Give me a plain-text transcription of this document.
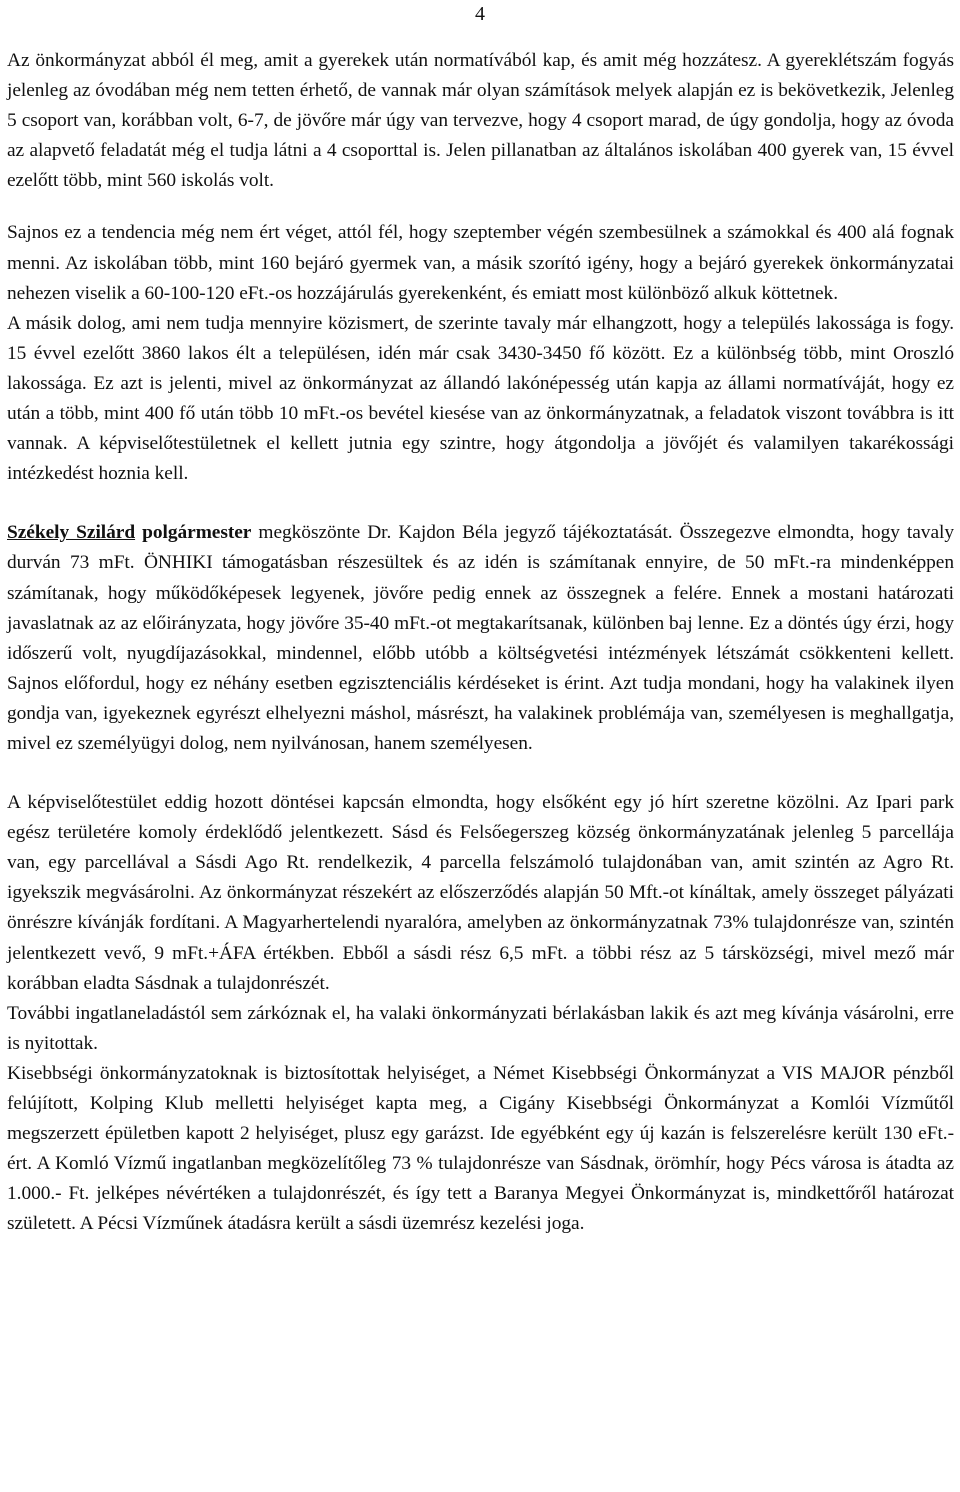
4

Az önkormányzat abból él meg, amit a gyerekek után normatívából kap, és amit még hozzátesz. A gyereklétszám fogyás jelenleg az óvodában még nem tetten érhető, de vannak már olyan számítások melyek alapján ez is bekövetkezik, Jelenleg 5 csoport van, korábban volt, 6-7, de jövőre már úgy van tervezve, hogy 4 csoport marad, de úgy gondolja, hogy az óvoda az alapvető feladatát még el tudja látni a 4 csoporttal is. Jelen pillanatban az általános iskolában 400 gyerek van, 15 évvel ezelőtt több, mint 560 iskolás volt.

Sajnos ez a tendencia még nem ért véget, attól fél, hogy szeptember végén szembesülnek a számokkal és 400 alá fognak menni. Az iskolában több, mint 160 bejáró gyermek van, a másik szorító igény, hogy a bejáró gyerekek önkormányzatai nehezen viselik a 60-100-120 eFt.-os hozzájárulás gyerekenként, és emiatt most különböző alkuk köttetnek.

A másik dolog, ami nem tudja mennyire közismert, de szerinte tavaly már elhangzott, hogy a település lakossága is fogy. 15 évvel ezelőtt 3860 lakos élt a településen, idén már csak 3430-3450 fő között. Ez a különbség több, mint Oroszló lakossága. Ez azt is jelenti, mivel az önkormányzat az állandó lakónépesség után kapja az állami normatíváját, hogy ez után a több, mint 400 fő után több 10 mFt.-os bevétel kiesése van az önkormányzatnak, a feladatok viszont továbbra is itt vannak. A képviselőtestületnek el kellett jutnia egy szintre, hogy átgondolja a jövőjét és valamilyen takarékossági intézkedést hoznia kell.

Székely Szilárd polgármester megköszönte Dr. Kajdon Béla jegyző tájékoztatását. Összegezve elmondta, hogy tavaly durván 73 mFt. ÖNHIKI támogatásban részesültek és az idén is számítanak ennyire, de 50 mFt.-ra mindenképpen számítanak, hogy működőképesek legyenek, jövőre pedig ennek az összegnek a felére. Ennek a mostani határozati javaslatnak az az előirányzata, hogy jövőre 35-40 mFt.-ot megtakarítsanak, különben baj lenne. Ez a döntés úgy érzi, hogy időszerű volt, nyugdíjazásokkal, mindennel, előbb utóbb a költségvetési intézmények létszámát csökkenteni kellett. Sajnos előfordul, hogy ez néhány esetben egzisztenciális kérdéseket is érint. Azt tudja mondani, hogy ha valakinek ilyen gondja van, igyekeznek egyrészt elhelyezni máshol, másrészt, ha valakinek problémája van, személyesen is meghallgatja, mivel ez személyügyi dolog, nem nyilvánosan, hanem személyesen.

A képviselőtestület eddig hozott döntései kapcsán elmondta, hogy elsőként egy jó hírt szeretne közölni. Az Ipari park egész területére komoly érdeklődő jelentkezett. Sásd és Felsőegerszeg község önkormányzatának jelenleg 5 parcellája van, egy parcellával a Sásdi Ago Rt. rendelkezik, 4 parcella felszámoló tulajdonában van, amit szintén az Agro Rt. igyekszik megvásárolni. Az önkormányzat részekért az előszerződés alapján 50 Mft.-ot kínáltak, amely összeget pályázati önrészre kívánják fordítani. A Magyarhertelendi nyaralóra, amelyben az önkormányzatnak 73% tulajdonrésze van, szintén jelentkezett vevő, 9 mFt.+ÁFA értékben. Ebből a sásdi rész 6,5 mFt. a többi rész az 5 társközségi, mivel mező már korábban eladta Sásdnak a tulajdonrészét.

További ingatlaneladástól sem zárkóznak el, ha valaki önkormányzati bérlakásban lakik és azt meg kívánja vásárolni, erre is nyitottak.

Kisebbségi önkormányzatoknak is biztosítottak helyiséget, a Német Kisebbségi Önkormányzat a VIS MAJOR pénzből felújított, Kolping Klub melletti helyiséget kapta meg, a Cigány Kisebbségi Önkormányzat a Komlói Vízműtől megszerzett épületben kapott 2 helyiséget, plusz egy garázst. Ide egyébként egy új kazán is felszerelésre került 130 eFt.-ért. A Komló Vízmű ingatlanban megközelítőleg 73 % tulajdonrésze van Sásdnak, örömhír, hogy Pécs városa is átadta az 1.000.- Ft. jelképes névértéken a tulajdonrészét, és így tett a Baranya Megyei Önkormányzat is, mindkettőről határozat született. A Pécsi Vízműnek átadásra került a sásdi üzemrész kezelési joga.
